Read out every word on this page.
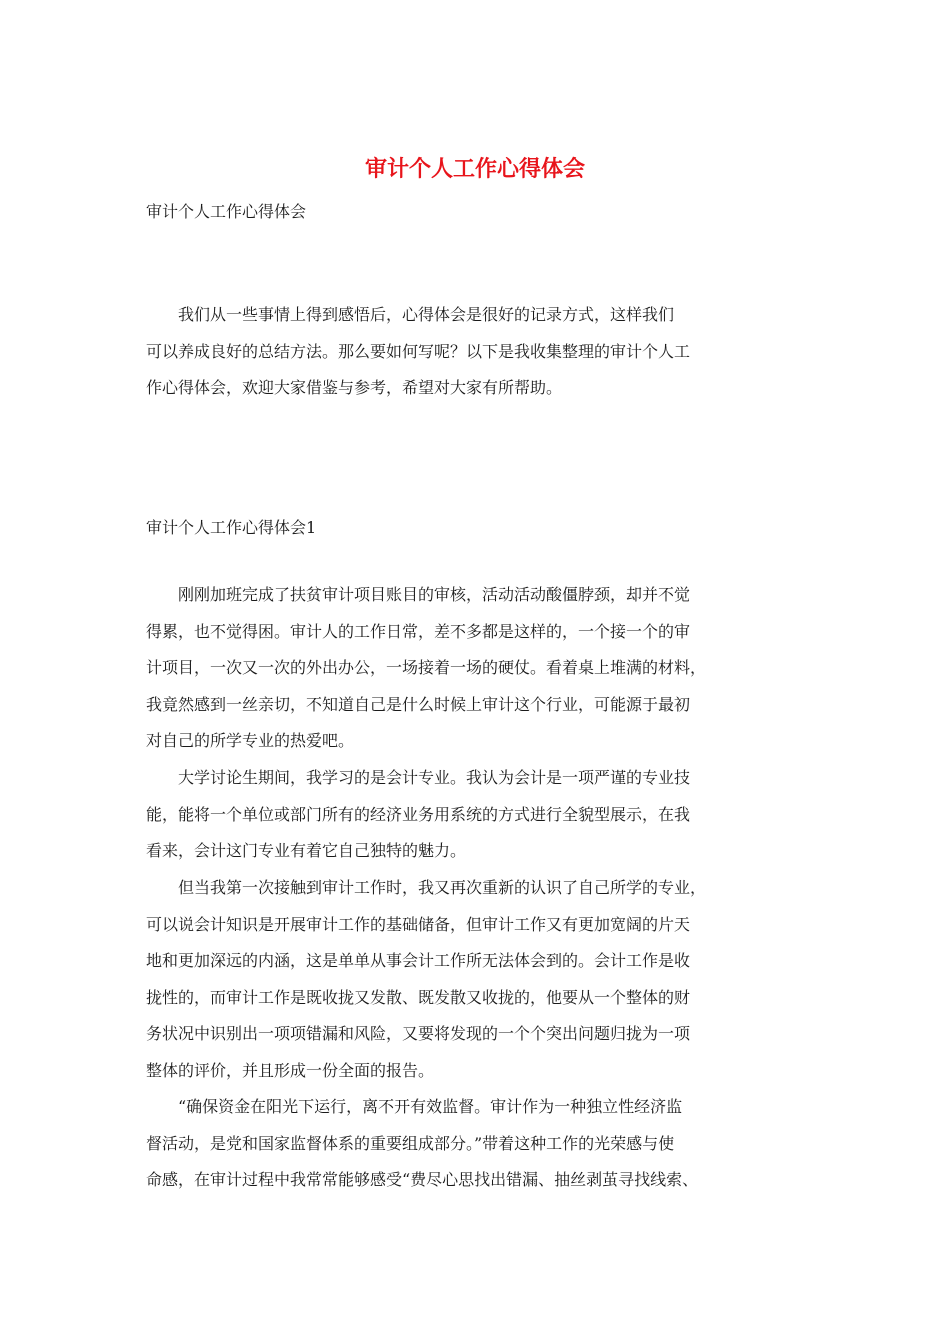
审计个人工作心得体会
审计个人工作心得体会
　　我们从一些事情上得到感悟后，心得体会是很好的记录方式，这样我们
可以养成良好的总结方法。那么要如何写呢？以下是我收集整理的审计个人工
作心得体会，欢迎大家借鉴与参考，希望对大家有所帮助。
审计个人工作心得体会1
　　刚刚加班完成了扶贫审计项目账目的审核，活动活动酸僵脖颈，却并不觉
得累，也不觉得困。审计人的工作日常，差不多都是这样的，一个接一个的审
计项目，一次又一次的外出办公，一场接着一场的硬仗。看着桌上堆满的材料，
我竟然感到一丝亲切，不知道自己是什么时候上审计这个行业，可能源于最初
对自己的所学专业的热爱吧。
　　大学讨论生期间，我学习的是会计专业。我认为会计是一项严谨的专业技
能，能将一个单位或部门所有的经济业务用系统的方式进行全貌型展示，在我
看来，会计这门专业有着它自己独特的魅力。
　　但当我第一次接触到审计工作时，我又再次重新的认识了自己所学的专业，
可以说会计知识是开展审计工作的基础储备，但审计工作又有更加宽阔的片天
地和更加深远的内涵，这是单单从事会计工作所无法体会到的。会计工作是收
拢性的，而审计工作是既收拢又发散、既发散又收拢的，他要从一个整体的财
务状况中识别出一项项错漏和风险，又要将发现的一个个突出问题归拢为一项
整体的评价，并且形成一份全面的报告。
　　“确保资金在阳光下运行，离不开有效监督。审计作为一种独立性经济监
督活动，是党和国家监督体系的重要组成部分。”带着这种工作的光荣感与使
命感，在审计过程中我常常能够感受“费尽心思找出错漏、抽丝剥茧寻找线索、
